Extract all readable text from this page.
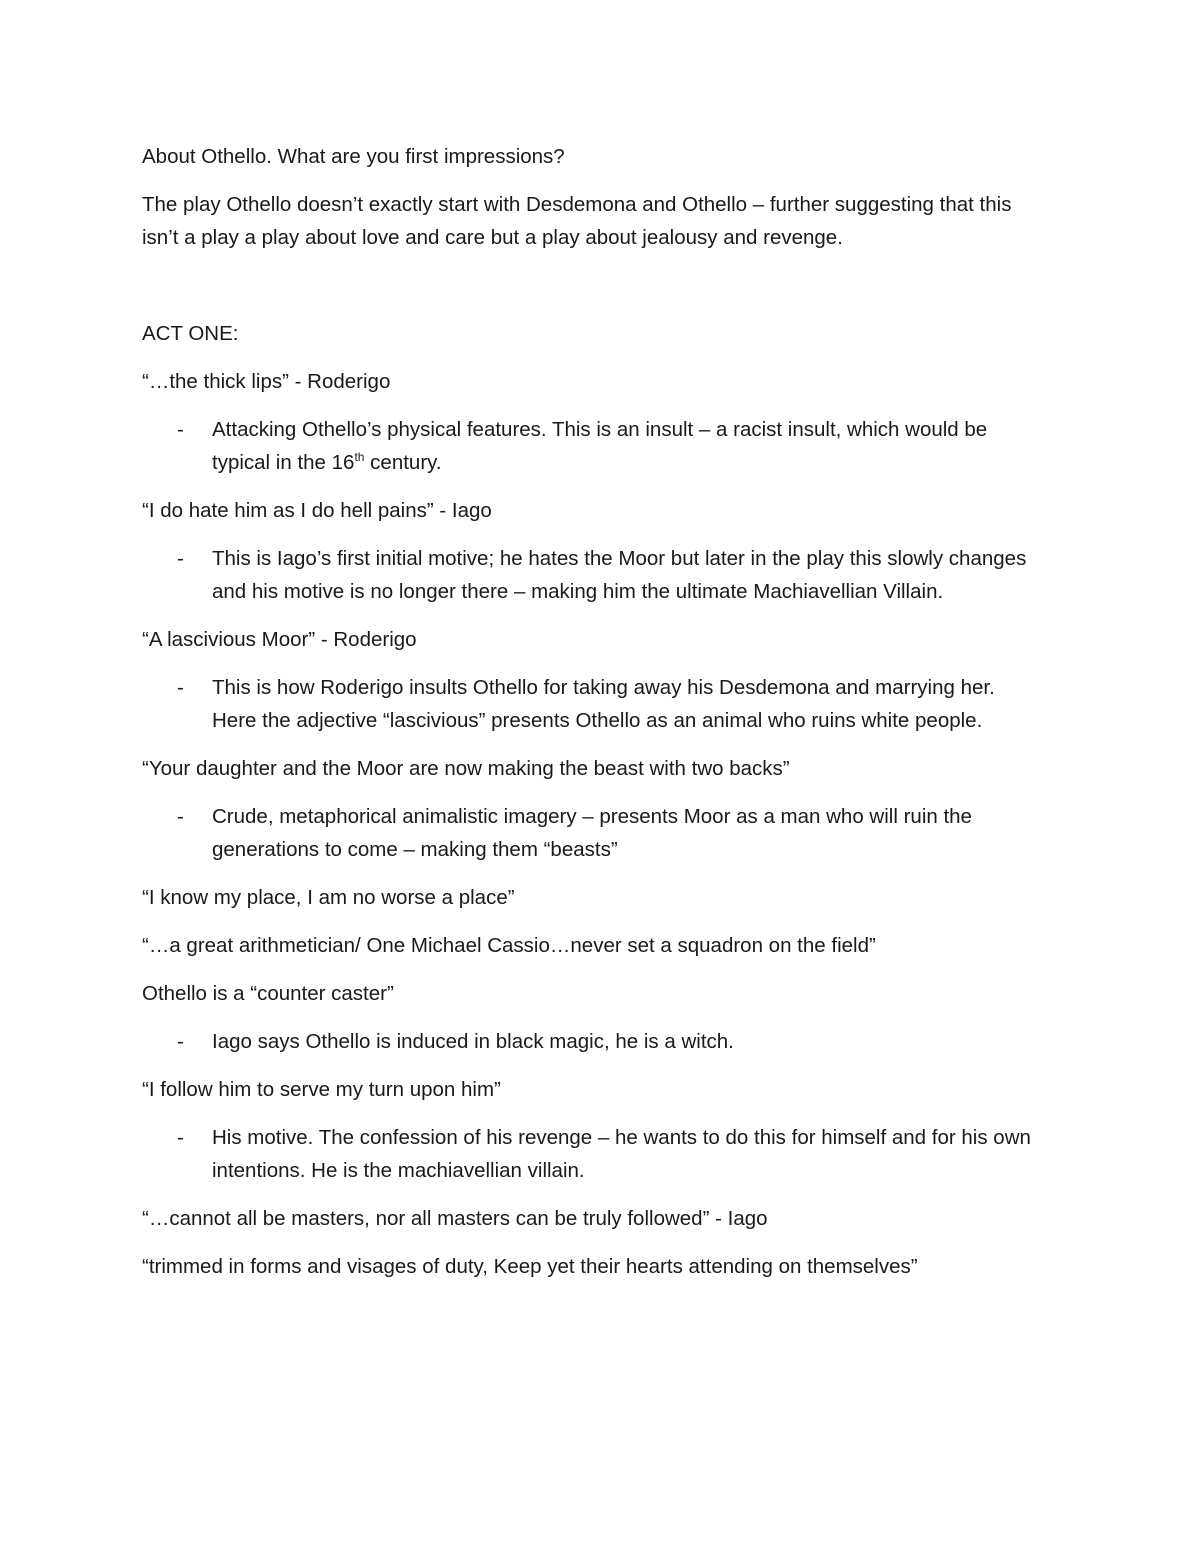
About Othello. What are you first impressions?

The play Othello doesn’t exactly start with Desdemona and Othello – further suggesting that this isn’t a play a play about love and care but a play about jealousy and revenge.

ACT ONE:

“…the thick lips” - Roderigo

- Attacking Othello’s physical features. This is an insult – a racist insult, which would be typical in the 16th century.

“I do hate him as I do hell pains” - Iago

- This is Iago’s first initial motive; he hates the Moor but later in the play this slowly changes and his motive is no longer there – making him the ultimate Machiavellian Villain.

“A lascivious Moor” - Roderigo

- This is how Roderigo insults Othello for taking away his Desdemona and marrying her. Here the adjective “lascivious” presents Othello as an animal who ruins white people.

“Your daughter and the Moor are now making the beast with two backs”

- Crude, metaphorical animalistic imagery – presents Moor as a man who will ruin the generations to come – making them “beasts”

“I know my place, I am no worse a place”

“…a great arithmetician/ One Michael Cassio…never set a squadron on the field”

Othello is a “counter caster”

- Iago says Othello is induced in black magic, he is a witch.

“I follow him to serve my turn upon him”

- His motive. The confession of his revenge – he wants to do this for himself and for his own intentions. He is the machiavellian villain.

“…cannot all be masters, nor all masters can be truly followed” - Iago

“trimmed in forms and visages of duty, Keep yet their hearts attending on themselves”
